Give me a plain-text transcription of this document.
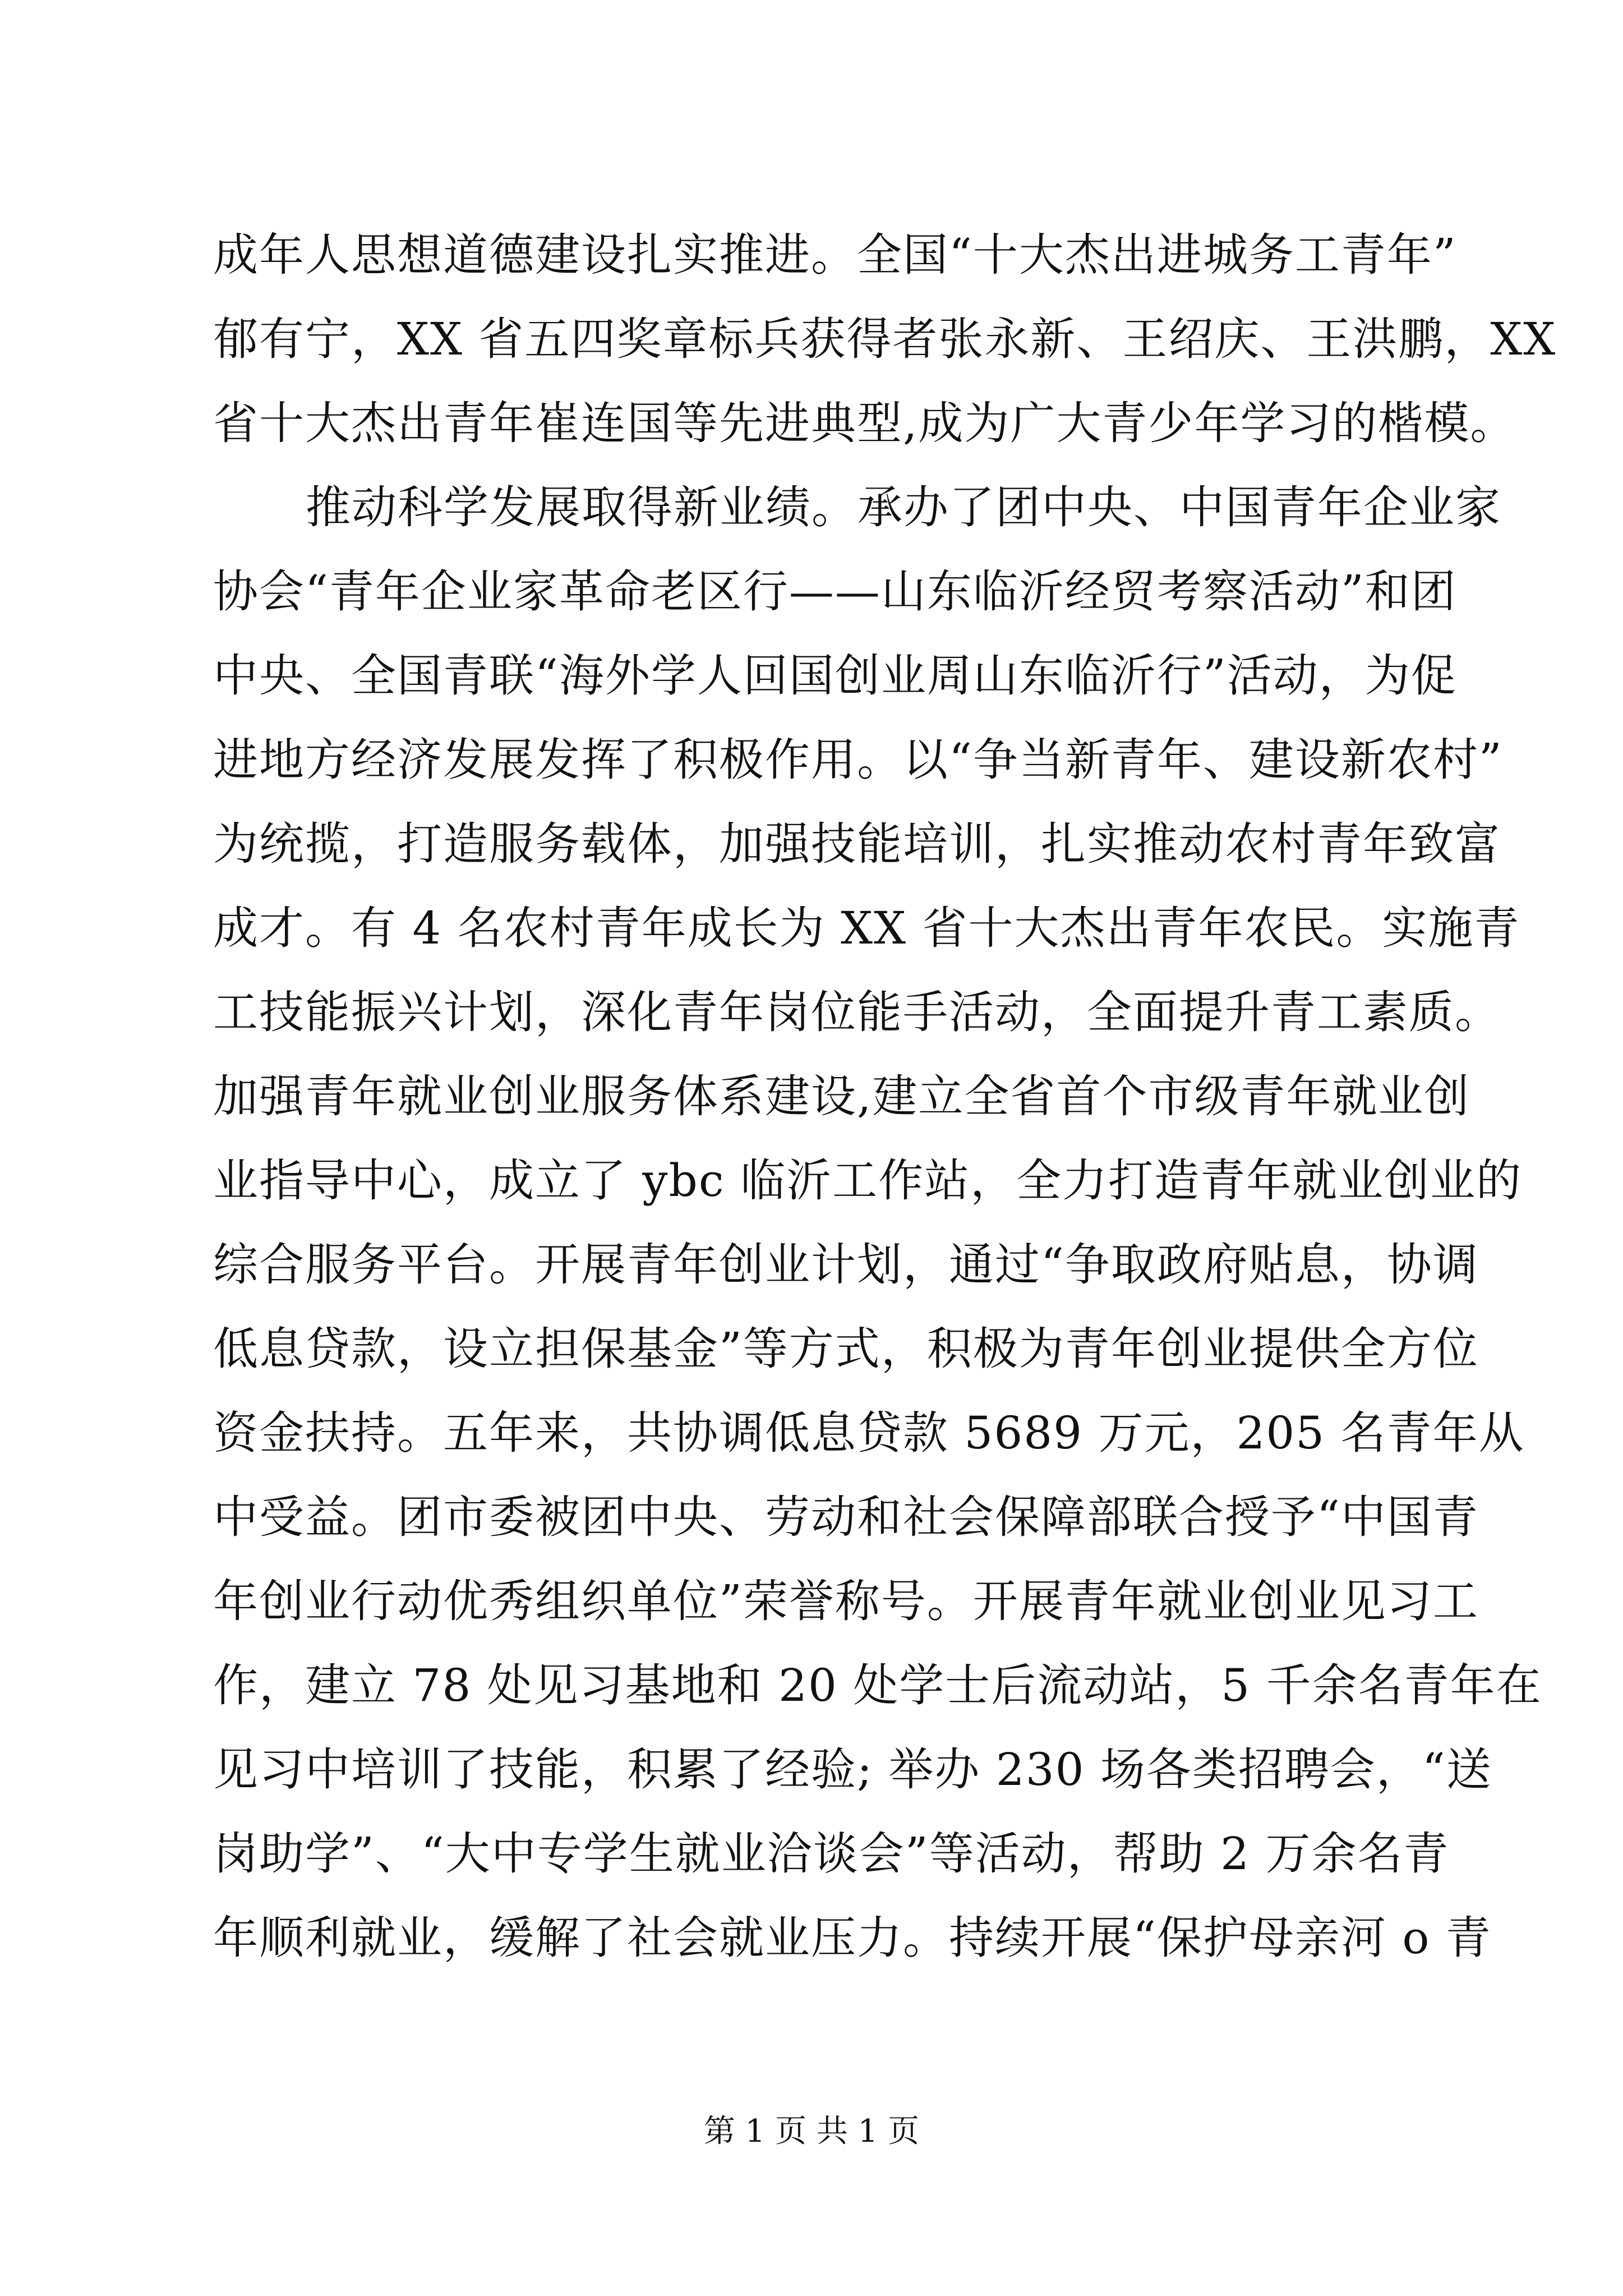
成年人思想道德建设扎实推进。全国“十大杰出进城务工青年”
郁有宁，XX 省五四奖章标兵获得者张永新、王绍庆、王洪鹏，XX
省十大杰出青年崔连国等先进典型,成为广大青少年学习的楷模。
推动科学发展取得新业绩。承办了团中央、中国青年企业家
协会“青年企业家革命老区行——山东临沂经贸考察活动”和团
中央、全国青联“海外学人回国创业周山东临沂行”活动，为促
进地方经济发展发挥了积极作用。以“争当新青年、建设新农村”
为统揽，打造服务载体，加强技能培训，扎实推动农村青年致富
成才。有 4 名农村青年成长为 XX 省十大杰出青年农民。实施青
工技能振兴计划，深化青年岗位能手活动，全面提升青工素质。
加强青年就业创业服务体系建设,建立全省首个市级青年就业创
业指导中心，成立了 ybc 临沂工作站，全力打造青年就业创业的
综合服务平台。开展青年创业计划，通过“争取政府贴息，协调
低息贷款，设立担保基金”等方式，积极为青年创业提供全方位
资金扶持。五年来，共协调低息贷款 5689 万元，205 名青年从
中受益。团市委被团中央、劳动和社会保障部联合授予“中国青
年创业行动优秀组织单位”荣誉称号。开展青年就业创业见习工
作，建立 78 处见习基地和 20 处学士后流动站，5 千余名青年在
见习中培训了技能，积累了经验; 举办 230 场各类招聘会，“送
岗助学”、“大中专学生就业洽谈会”等活动，帮助 2 万余名青
年顺利就业，缓解了社会就业压力。持续开展“保护母亲河 o 青
第 1 页 共 1 页
